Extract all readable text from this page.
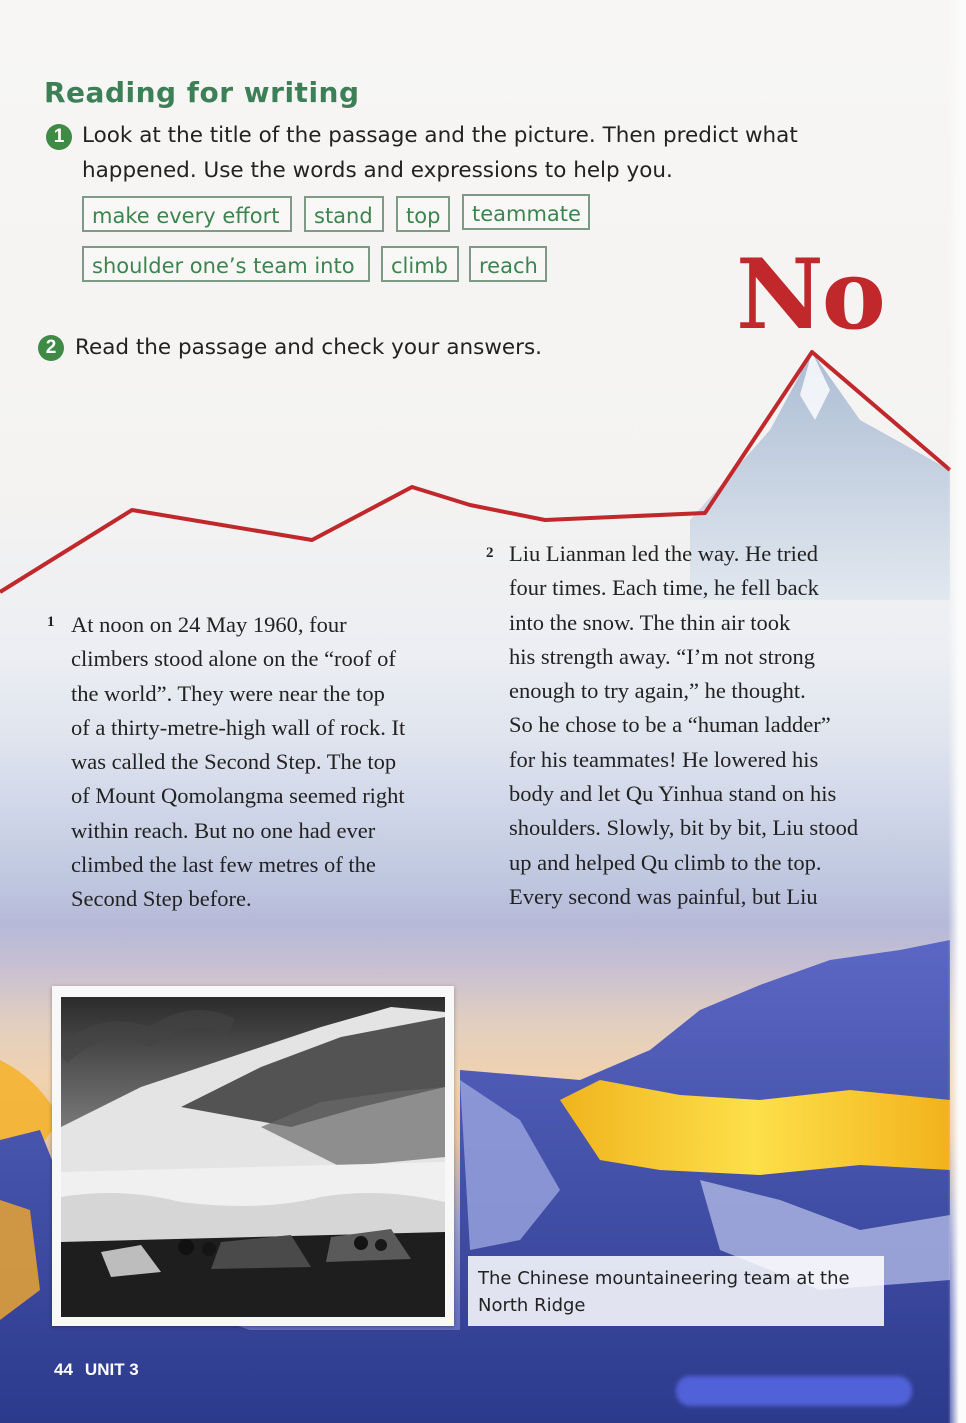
Reading for writing
1 Look at the title of the passage and the picture. Then predict what
happened. Use the words and expressions to help you.
make every effort	stand	top	teammate
shoulder one’s team into	climb	reach No
2 Read the passage and check your answers.
1 At noon on 24 May 1960, four
climbers stood alone on the “roof of
the world”. They were near the top
of a thirty-metre-high wall of rock. It
was called the Second Step. The top
of Mount Qomolangma seemed right
within reach. But no one had ever
climbed the last few metres of the
Second Step before.
2 Liu Lianman led the way. He tried
four times. Each time, he fell back
into the snow. The thin air took
his strength away. “I’m not strong
enough to try again,” he thought.
So he chose to be a “human ladder”
for his teammates! He lowered his
body and let Qu Yinhua stand on his
shoulders. Slowly, bit by bit, Liu stood
up and helped Qu climb to the top.
Every second was painful, but Liu
The Chinese mountaineering team at the
North Ridge
44 UNIT 3
